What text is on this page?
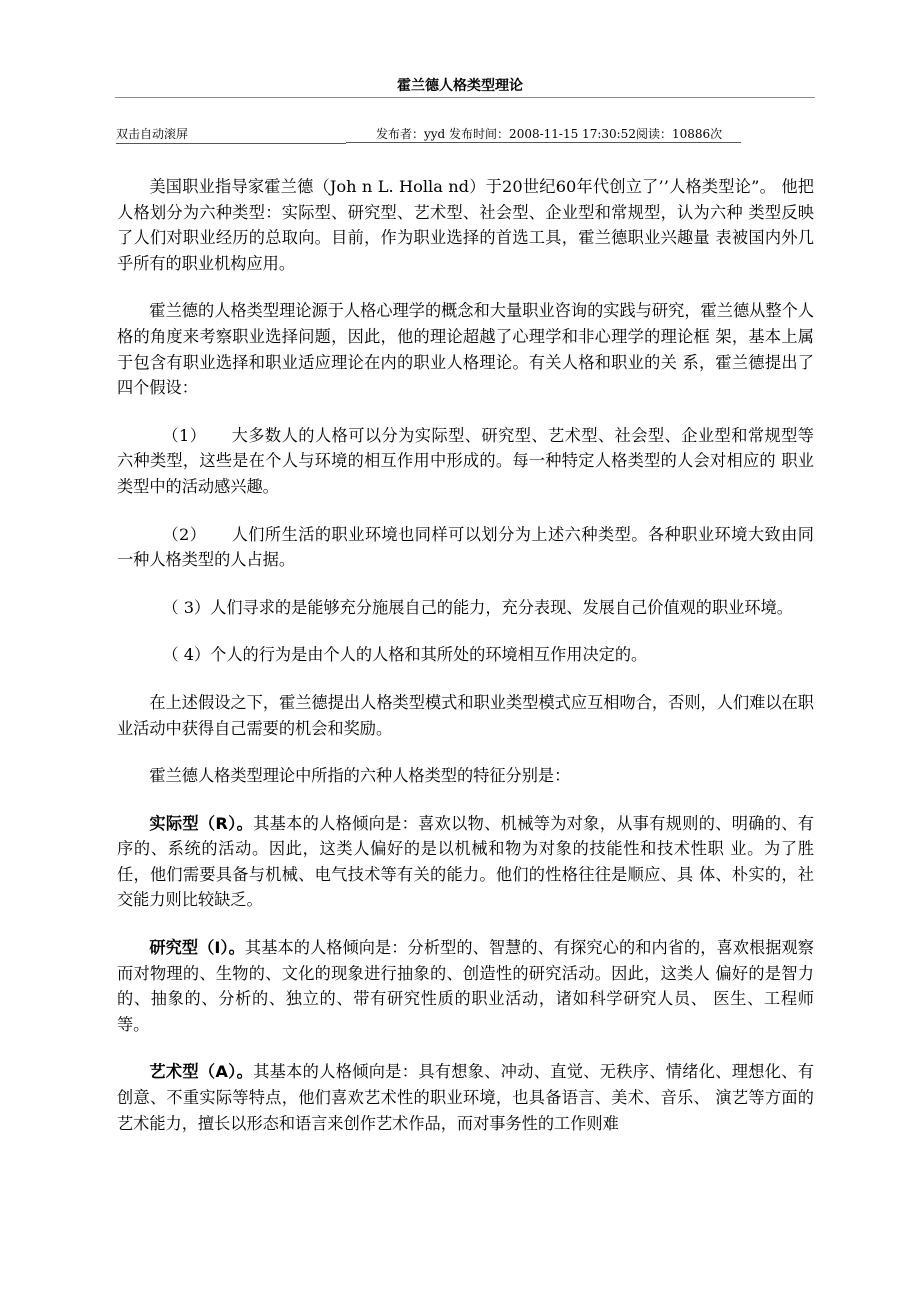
霍兰德人格类型理论
双击自动滚屏	发布者：yyd 发布时间：2008-11-15 17:30:52阅读：10886次

美国职业指导家霍兰德（Joh n L. Holla nd）于20世纪60年代创立了’’人格类型论”。 他把人格划分为六种类型：实际型、研究型、艺术型、社会型、企业型和常规型，认为六种 类型反映了人们对职业经历的总取向。目前，作为职业选择的首选工具，霍兰德职业兴趣量 表被国内外几乎所有的职业机构应用。

霍兰德的人格类型理论源于人格心理学的概念和大量职业咨询的实践与研究，霍兰德从整个人格的角度来考察职业选择问题，因此，他的理论超越了心理学和非心理学的理论框 架，基本上属于包含有职业选择和职业适应理论在内的职业人格理论。有关人格和职业的关 系，霍兰德提出了四个假设：

（1）　　大多数人的人格可以分为实际型、研究型、艺术型、社会型、企业型和常规型等 六种类型，这些是在个人与环境的相互作用中形成的。每一种特定人格类型的人会对相应的 职业类型中的活动感兴趣。

（2）　　人们所生活的职业环境也同样可以划分为上述六种类型。各种职业环境大致由同 一种人格类型的人占据。

（ 3）人们寻求的是能够充分施展自己的能力，充分表现、发展自己价值观的职业环境。

（ 4）个人的行为是由个人的人格和其所处的环境相互作用决定的。

在上述假设之下，霍兰德提出人格类型模式和职业类型模式应互相吻合，否则，人们难以在职业活动中获得自己需要的机会和奖励。

霍兰德人格类型理论中所指的六种人格类型的特征分别是：

实际型（R）。其基本的人格倾向是：喜欢以物、机械等为对象，从事有规则的、明确的、有序的、系统的活动。因此，这类人偏好的是以机械和物为对象的技能性和技术性职 业。为了胜任，他们需要具备与机械、电气技术等有关的能力。他们的性格往往是顺应、具 体、朴实的，社交能力则比较缺乏。

研究型（I）。其基本的人格倾向是：分析型的、智慧的、有探究心的和内省的，喜欢根据观察而对物理的、生物的、文化的现象进行抽象的、创造性的研究活动。因此，这类人 偏好的是智力的、抽象的、分析的、独立的、带有研究性质的职业活动，诸如科学研究人员、 医生、工程师等。

艺术型（A）。其基本的人格倾向是：具有想象、冲动、直觉、无秩序、情绪化、理想化、有创意、不重实际等特点，他们喜欢艺术性的职业环境，也具备语言、美术、音乐、 演艺等方面的艺术能力，擅长以形态和语言来创作艺术作品，而对事务性的工作则难
